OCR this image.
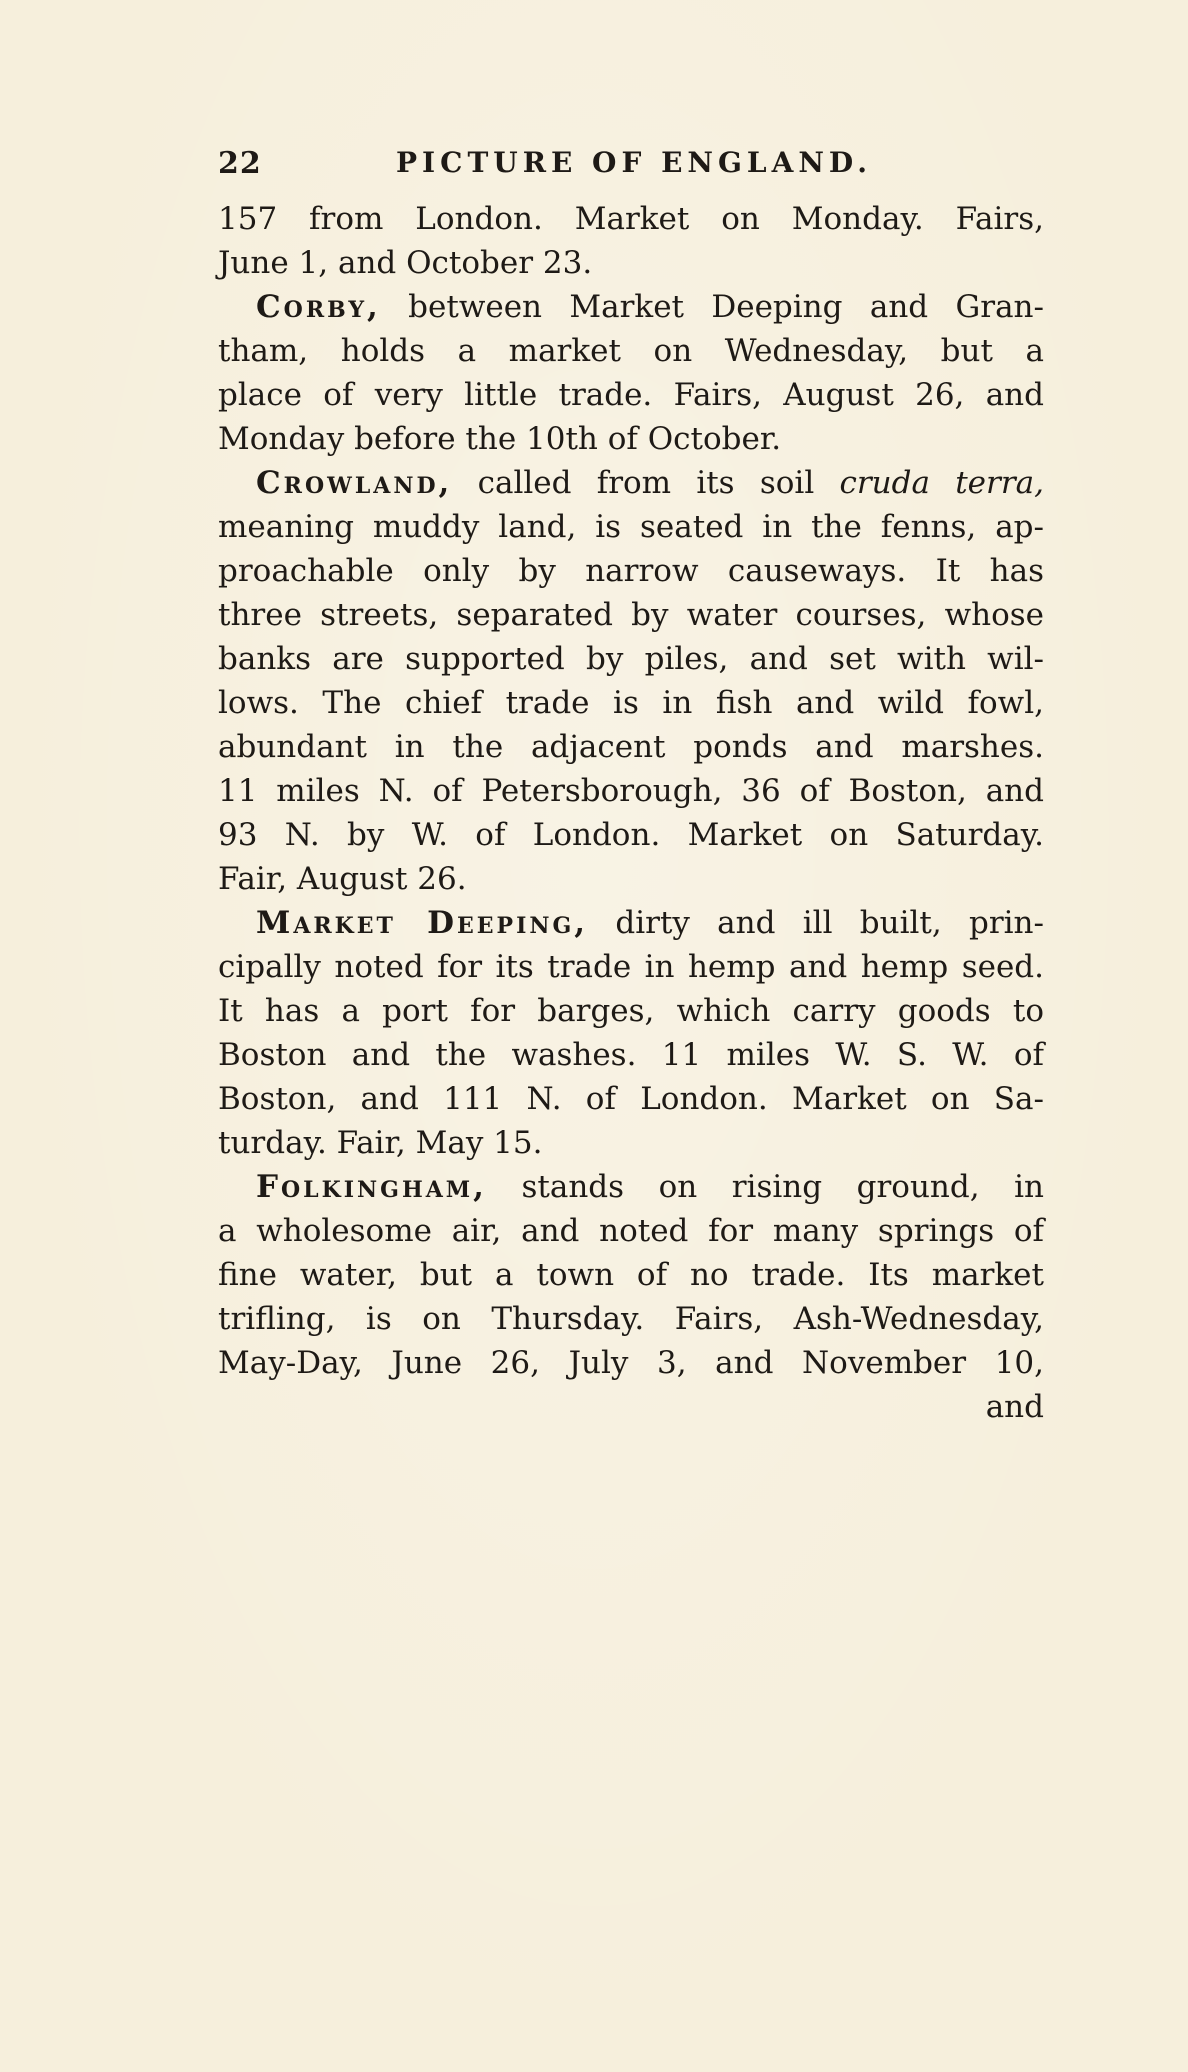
22	PICTURE OF ENGLAND.
157 from London. Market on Monday. Fairs,
June 1, and October 23.
Corby, between Market Deeping and Gran-
tham, holds a market on Wednesday, but a
place of very little trade. Fairs, August 26, and
Monday before the 10th of October.
Crowland, called from its soil cruda terra,
meaning muddy land, is seated in the fenns, ap-
proachable only by narrow causeways. It has
three streets, separated by water courses, whose
banks are supported by piles, and set with wil-
lows. The chief trade is in fish and wild fowl,
abundant in the adjacent ponds and marshes.
11 miles N. of Petersborough, 36 of Boston, and
93 N. by W. of London. Market on Saturday.
Fair, August 26.
Market Deeping, dirty and ill built, prin-
cipally noted for its trade in hemp and hemp seed.
It has a port for barges, which carry goods to
Boston and the washes. 11 miles W. S. W. of
Boston, and 111 N. of London. Market on Sa-
turday. Fair, May 15.
Folkingham, stands on rising ground, in
a wholesome air, and noted for many springs of
fine water, but a town of no trade. Its market
trifling, is on Thursday. Fairs, Ash-Wednesday,
May-Day, June 26, July 3, and November 10,
and
